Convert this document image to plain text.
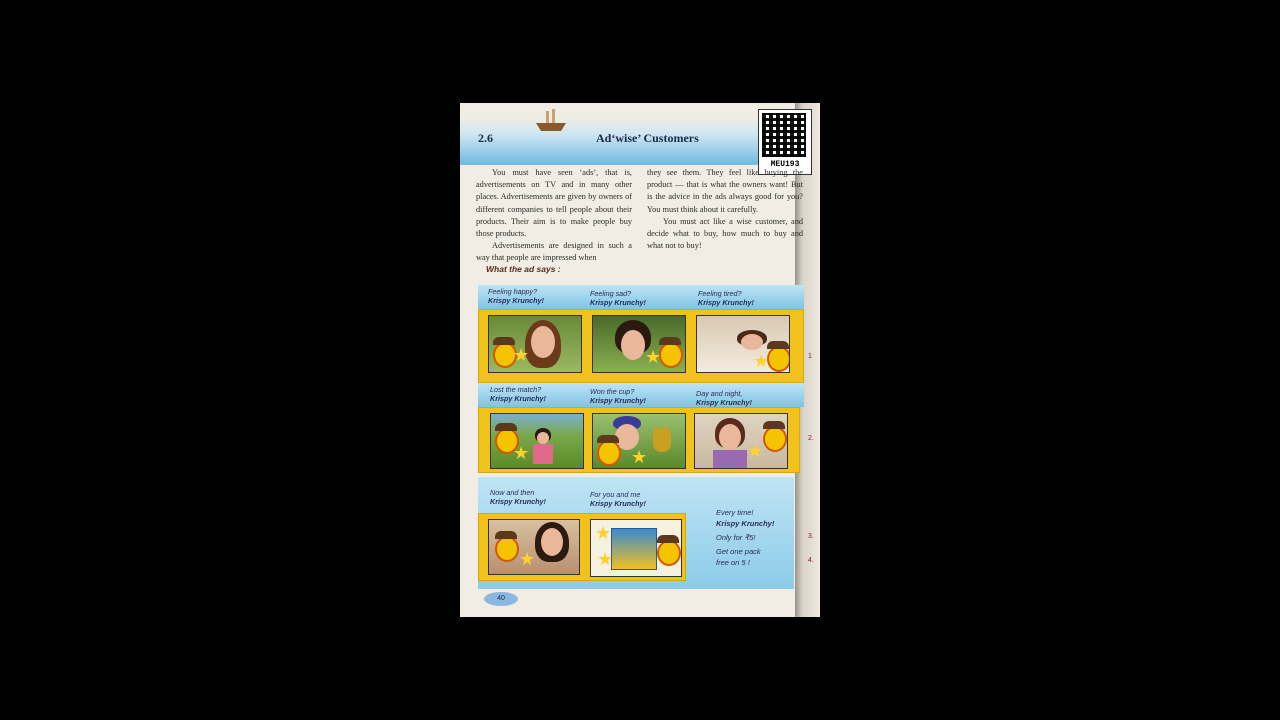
1
2.
3.
4.
2.6	Ad‘wise’ Customers
MEU193

You must have seen ‘ads’, that is, advertisements on TV and in many other places. Advertisements are given by owners of different companies to tell people about their products. Their aim is to make people buy those products.

Advertisements are designed in such a way that people are impressed when

they see them. They feel like buying the product — that is what the owners want! But is the advice in the ads always good for you? You must think about it carefully.

You must act like a wise customer, and decide what to buy, how much to buy and what not to buy!

What the ad says :
Feeling happy?
Krispy Krunchy!
Feeling sad?
Krispy Krunchy!
Feeling tired?
Krispy Krunchy!
★	★	★
Lost the match?
Krispy Krunchy!
Won the cup?
Krispy Krunchy!
Day and night,
Krispy Krunchy!
★	★	★
Now and then
Krispy Krunchy!
For you and me
Krispy Krunchy!
★
★
★
Every time!
Krispy Krunchy!
Only for ₹5!
Get one pack
free on 5 !
40
